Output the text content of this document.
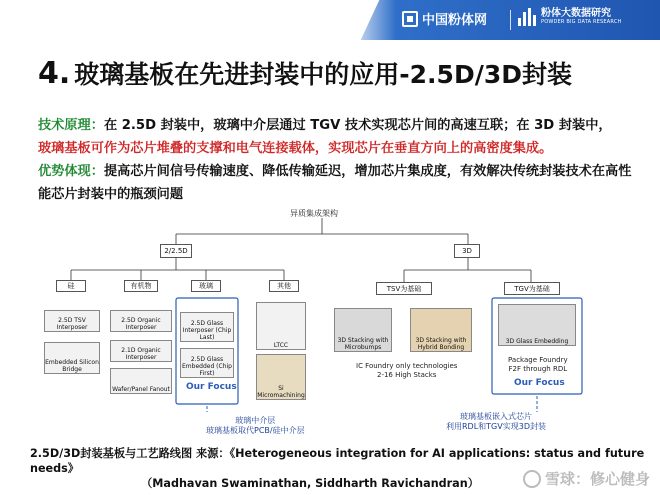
中国粉体网	粉体大数据研究
POWDER BIG DATA RESEARCH
4. 玻璃基板在先进封装中的应用-2.5D/3D封装
技术原理：在 2.5D 封装中，玻璃中介层通过 TGV 技术实现芯片间的高速互联；在 3D 封装中，
玻璃基板可作为芯片堆叠的支撑和电气连接载体，实现芯片在垂直方向上的高密度集成。
优势体现：提高芯片间信号传输速度、降低传输延迟，增加芯片集成度，有效解决传统封装技术在高性能芯片封装中的瓶颈问题
异质集成架构
2/2.5D	3D
硅	有机物	玻璃	其他	TSV为基础	TGV为基础
2.5D TSV Interposer
Embedded Silicon Bridge
2.5D Organic Interposer
2.1D Organic Interposer
Wafer/Panel Fanout
2.5D Glass Interposer (Chip Last)
2.5D Glass Embedded (Chip First)
Our Focus
LTCC
Si Micromachining
3D Stacking with Microbumps
3D Stacking with Hybrid Bonding
IC Foundry only technologies
2-16 High Stacks
3D Glass Embedding
Package Foundry
F2F through RDL
Our Focus
玻璃中介层
玻璃基板取代PCB/硅中介层
玻璃基板嵌入式芯片
利用RDL和TGV实现3D封装
2.5D/3D封装基板与工艺路线图 来源：《Heterogeneous integration for AI applications: status and future needs》
（Madhavan Swaminathan, Siddharth Ravichandran）	雪球：修心健身
